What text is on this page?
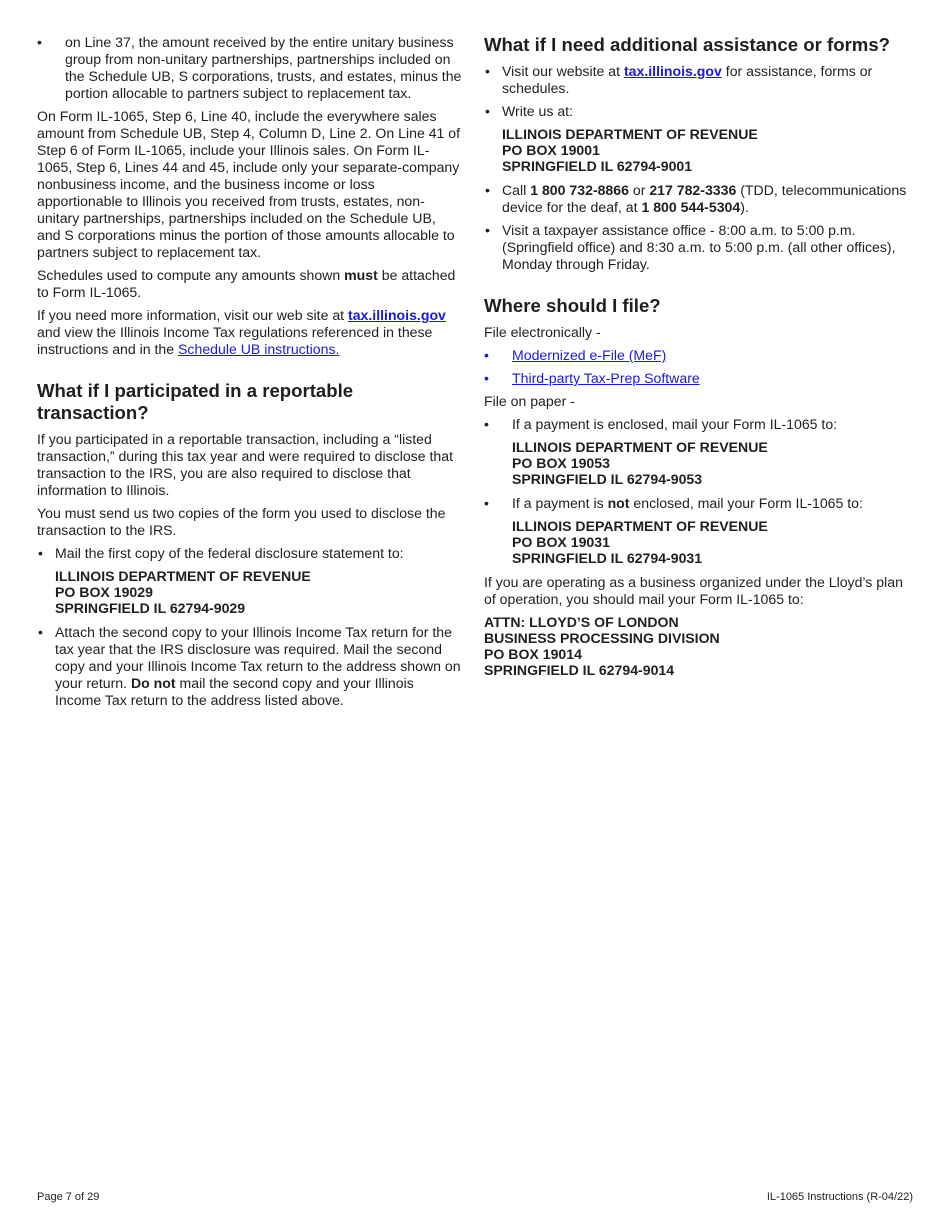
• on Line 37, the amount received by the entire unitary business group from non-unitary partnerships, partnerships included on the Schedule UB, S corporations, trusts, and estates, minus the portion allocable to partners subject to replacement tax.

On Form IL-1065, Step 6, Line 40, include the everywhere sales amount from Schedule UB, Step 4, Column D, Line 2. On Line 41 of Step 6 of Form IL-1065, include your Illinois sales. On Form IL-1065, Step 6, Lines 44 and 45, include only your separate-company nonbusiness income, and the business income or loss apportionable to Illinois you received from trusts, estates, non-unitary partnerships, partnerships included on the Schedule UB, and S corporations minus the portion of those amounts allocable to partners subject to replacement tax.

Schedules used to compute any amounts shown must be attached to Form IL-1065.

If you need more information, visit our web site at tax.illinois.gov and view the Illinois Income Tax regulations referenced in these instructions and in the Schedule UB instructions.

What if I participated in a reportable transaction?

If you participated in a reportable transaction, including a “listed transaction,” during this tax year and were required to disclose that transaction to the IRS, you are also required to disclose that information to Illinois.

You must send us two copies of the form you used to disclose the transaction to the IRS.

• Mail the first copy of the federal disclosure statement to:
ILLINOIS DEPARTMENT OF REVENUE
PO BOX 19029
SPRINGFIELD IL 62794-9029
• Attach the second copy to your Illinois Income Tax return for the tax year that the IRS disclosure was required. Mail the second copy and your Illinois Income Tax return to the address shown on your return. Do not mail the second copy and your Illinois Income Tax return to the address listed above.
What if I need additional assistance or forms?
• Visit our website at tax.illinois.gov for assistance, forms or schedules.
• Write us at:
ILLINOIS DEPARTMENT OF REVENUE
PO BOX 19001
SPRINGFIELD IL 62794-9001
• Call 1 800 732-8866 or 217 782-3336 (TDD, telecommunications device for the deaf, at 1 800 544-5304).
• Visit a taxpayer assistance office - 8:00 a.m. to 5:00 p.m. (Springfield office) and 8:30 a.m. to 5:00 p.m. (all other offices), Monday through Friday.
Where should I file?

File electronically -

• Modernized e-File (MeF)
• Third-party Tax-Prep Software

File on paper -

• If a payment is enclosed, mail your Form IL-1065 to:
ILLINOIS DEPARTMENT OF REVENUE
PO BOX 19053
SPRINGFIELD IL 62794-9053
• If a payment is not enclosed, mail your Form IL-1065 to:
ILLINOIS DEPARTMENT OF REVENUE
PO BOX 19031
SPRINGFIELD IL 62794-9031

If you are operating as a business organized under the Lloyd’s plan of operation, you should mail your Form IL-1065 to:

ATTN: LLOYD’S OF LONDON
BUSINESS PROCESSING DIVISION
PO BOX 19014
SPRINGFIELD IL 62794-9014
Page 7 of 29	IL-1065 Instructions (R-04/22)
